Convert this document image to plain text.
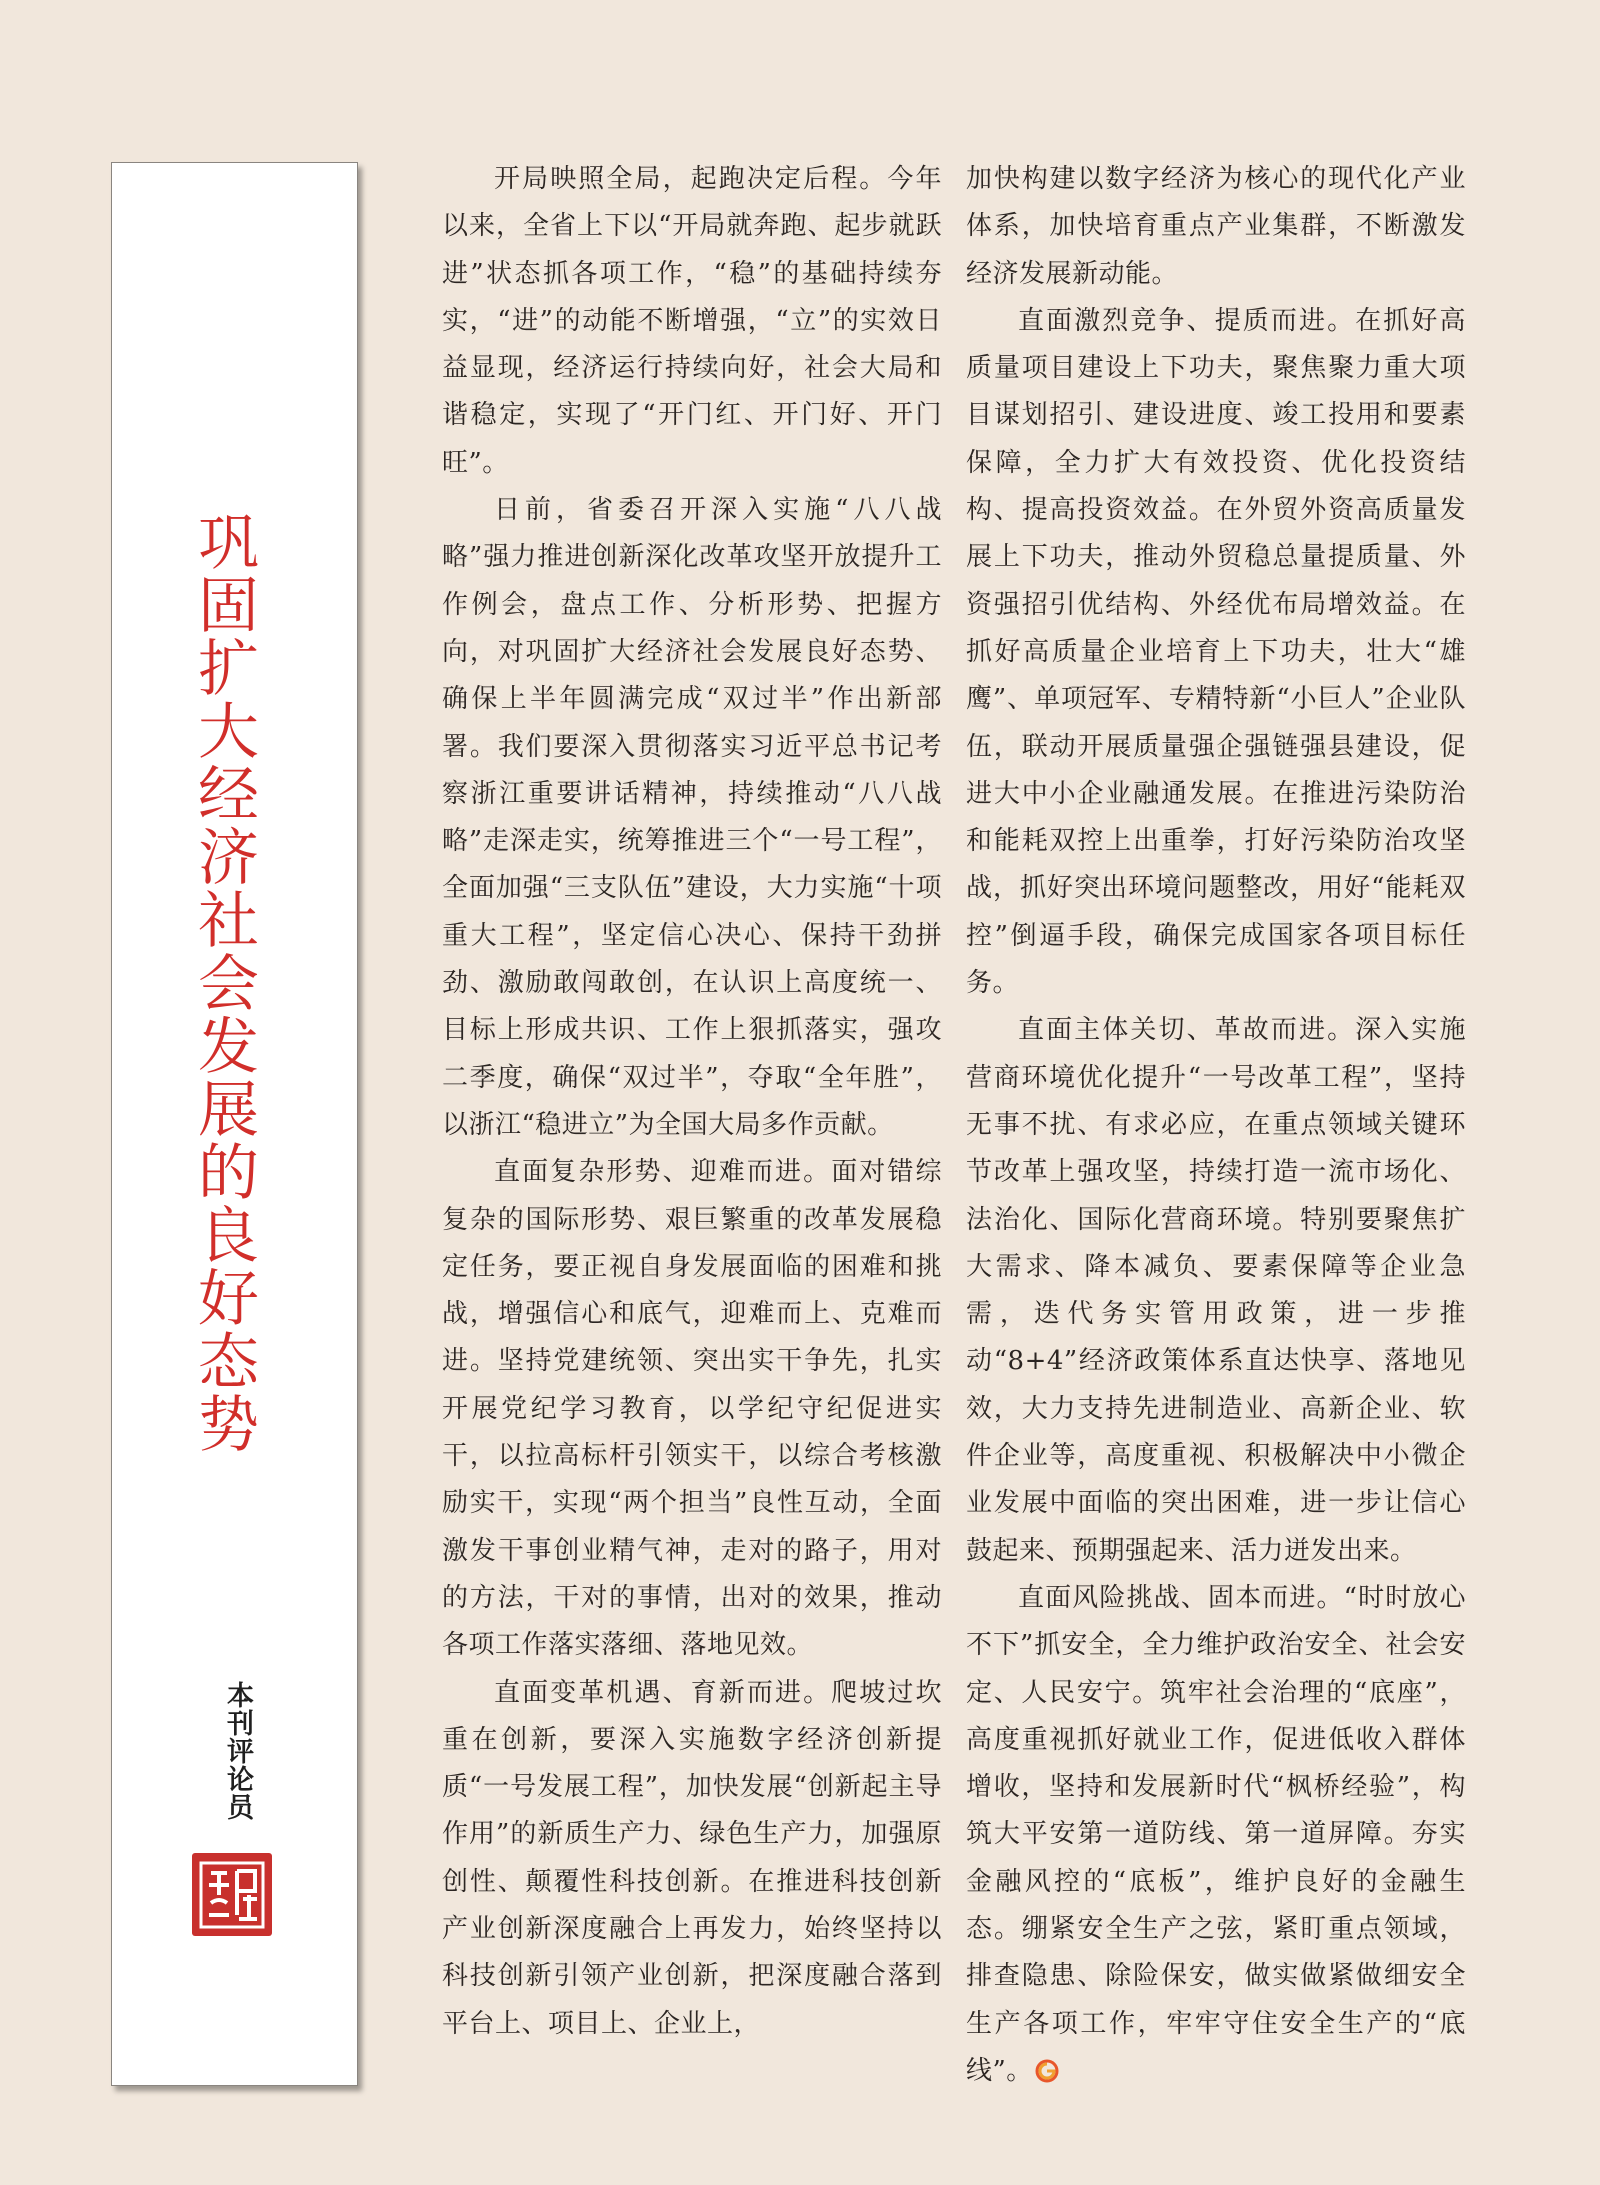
巩固扩大经济社会发展的良好态势
本刊评论员

开局映照全局，起跑决定后程。今年以来，全省上下以“开局就奔跑、起步就跃进”状态抓各项工作，“稳”的基础持续夯实，“进”的动能不断增强，“立”的实效日益显现，经济运行持续向好，社会大局和谐稳定，实现了“开门红、开门好、开门旺”。

日前，省委召开深入实施“八八战略”强力推进创新深化改革攻坚开放提升工作例会，盘点工作、分析形势、把握方向，对巩固扩大经济社会发展良好态势、确保上半年圆满完成“双过半”作出新部署。我们要深入贯彻落实习近平总书记考察浙江重要讲话精神，持续推动“八八战略”走深走实，统筹推进三个“一号工程”，全面加强“三支队伍”建设，大力实施“十项重大工程”，坚定信心决心、保持干劲拼劲、激励敢闯敢创，在认识上高度统一、目标上形成共识、工作上狠抓落实，强攻二季度，确保“双过半”，夺取“全年胜”，以浙江“稳进立”为全国大局多作贡献。

直面复杂形势、迎难而进。面对错综复杂的国际形势、艰巨繁重的改革发展稳定任务，要正视自身发展面临的困难和挑战，增强信心和底气，迎难而上、克难而进。坚持党建统领、突出实干争先，扎实开展党纪学习教育，以学纪守纪促进实干，以拉高标杆引领实干，以综合考核激励实干，实现“两个担当”良性互动，全面激发干事创业精气神，走对的路子，用对的方法，干对的事情，出对的效果，推动各项工作落实落细、落地见效。

直面变革机遇、育新而进。爬坡过坎重在创新，要深入实施数字经济创新提质“一号发展工程”，加快发展“创新起主导作用”的新质生产力、绿色生产力，加强原创性、颠覆性科技创新。在推进科技创新产业创新深度融合上再发力，始终坚持以科技创新引领产业创新，把深度融合落到平台上、项目上、企业上，

加快构建以数字经济为核心的现代化产业体系，加快培育重点产业集群，不断激发经济发展新动能。

直面激烈竞争、提质而进。在抓好高质量项目建设上下功夫，聚焦聚力重大项目谋划招引、建设进度、竣工投用和要素保障，全力扩大有效投资、优化投资结构、提高投资效益。在外贸外资高质量发展上下功夫，推动外贸稳总量提质量、外资强招引优结构、外经优布局增效益。在抓好高质量企业培育上下功夫，壮大“雄鹰”、单项冠军、专精特新“小巨人”企业队伍，联动开展质量强企强链强县建设，促进大中小企业融通发展。在推进污染防治和能耗双控上出重拳，打好污染防治攻坚战，抓好突出环境问题整改，用好“能耗双控”倒逼手段，确保完成国家各项目标任务。

直面主体关切、革故而进。深入实施营商环境优化提升“一号改革工程”，坚持无事不扰、有求必应，在重点领域关键环节改革上强攻坚，持续打造一流市场化、法治化、国际化营商环境。特别要聚焦扩大需求、降本减负、要素保障等企业急需，迭代务实管用政策，进一步推动“8+4”经济政策体系直达快享、落地见效，大力支持先进制造业、高新企业、软件企业等，高度重视、积极解决中小微企业发展中面临的突出困难，进一步让信心鼓起来、预期强起来、活力迸发出来。

直面风险挑战、固本而进。“时时放心不下”抓安全，全力维护政治安全、社会安定、人民安宁。筑牢社会治理的“底座”，高度重视抓好就业工作，促进低收入群体增收，坚持和发展新时代“枫桥经验”，构筑大平安第一道防线、第一道屏障。夯实金融风控的“底板”，维护良好的金融生态。绷紧安全生产之弦，紧盯重点领域，排查隐患、除险保安，做实做紧做细安全生产各项工作，牢牢守住安全生产的“底线”。
